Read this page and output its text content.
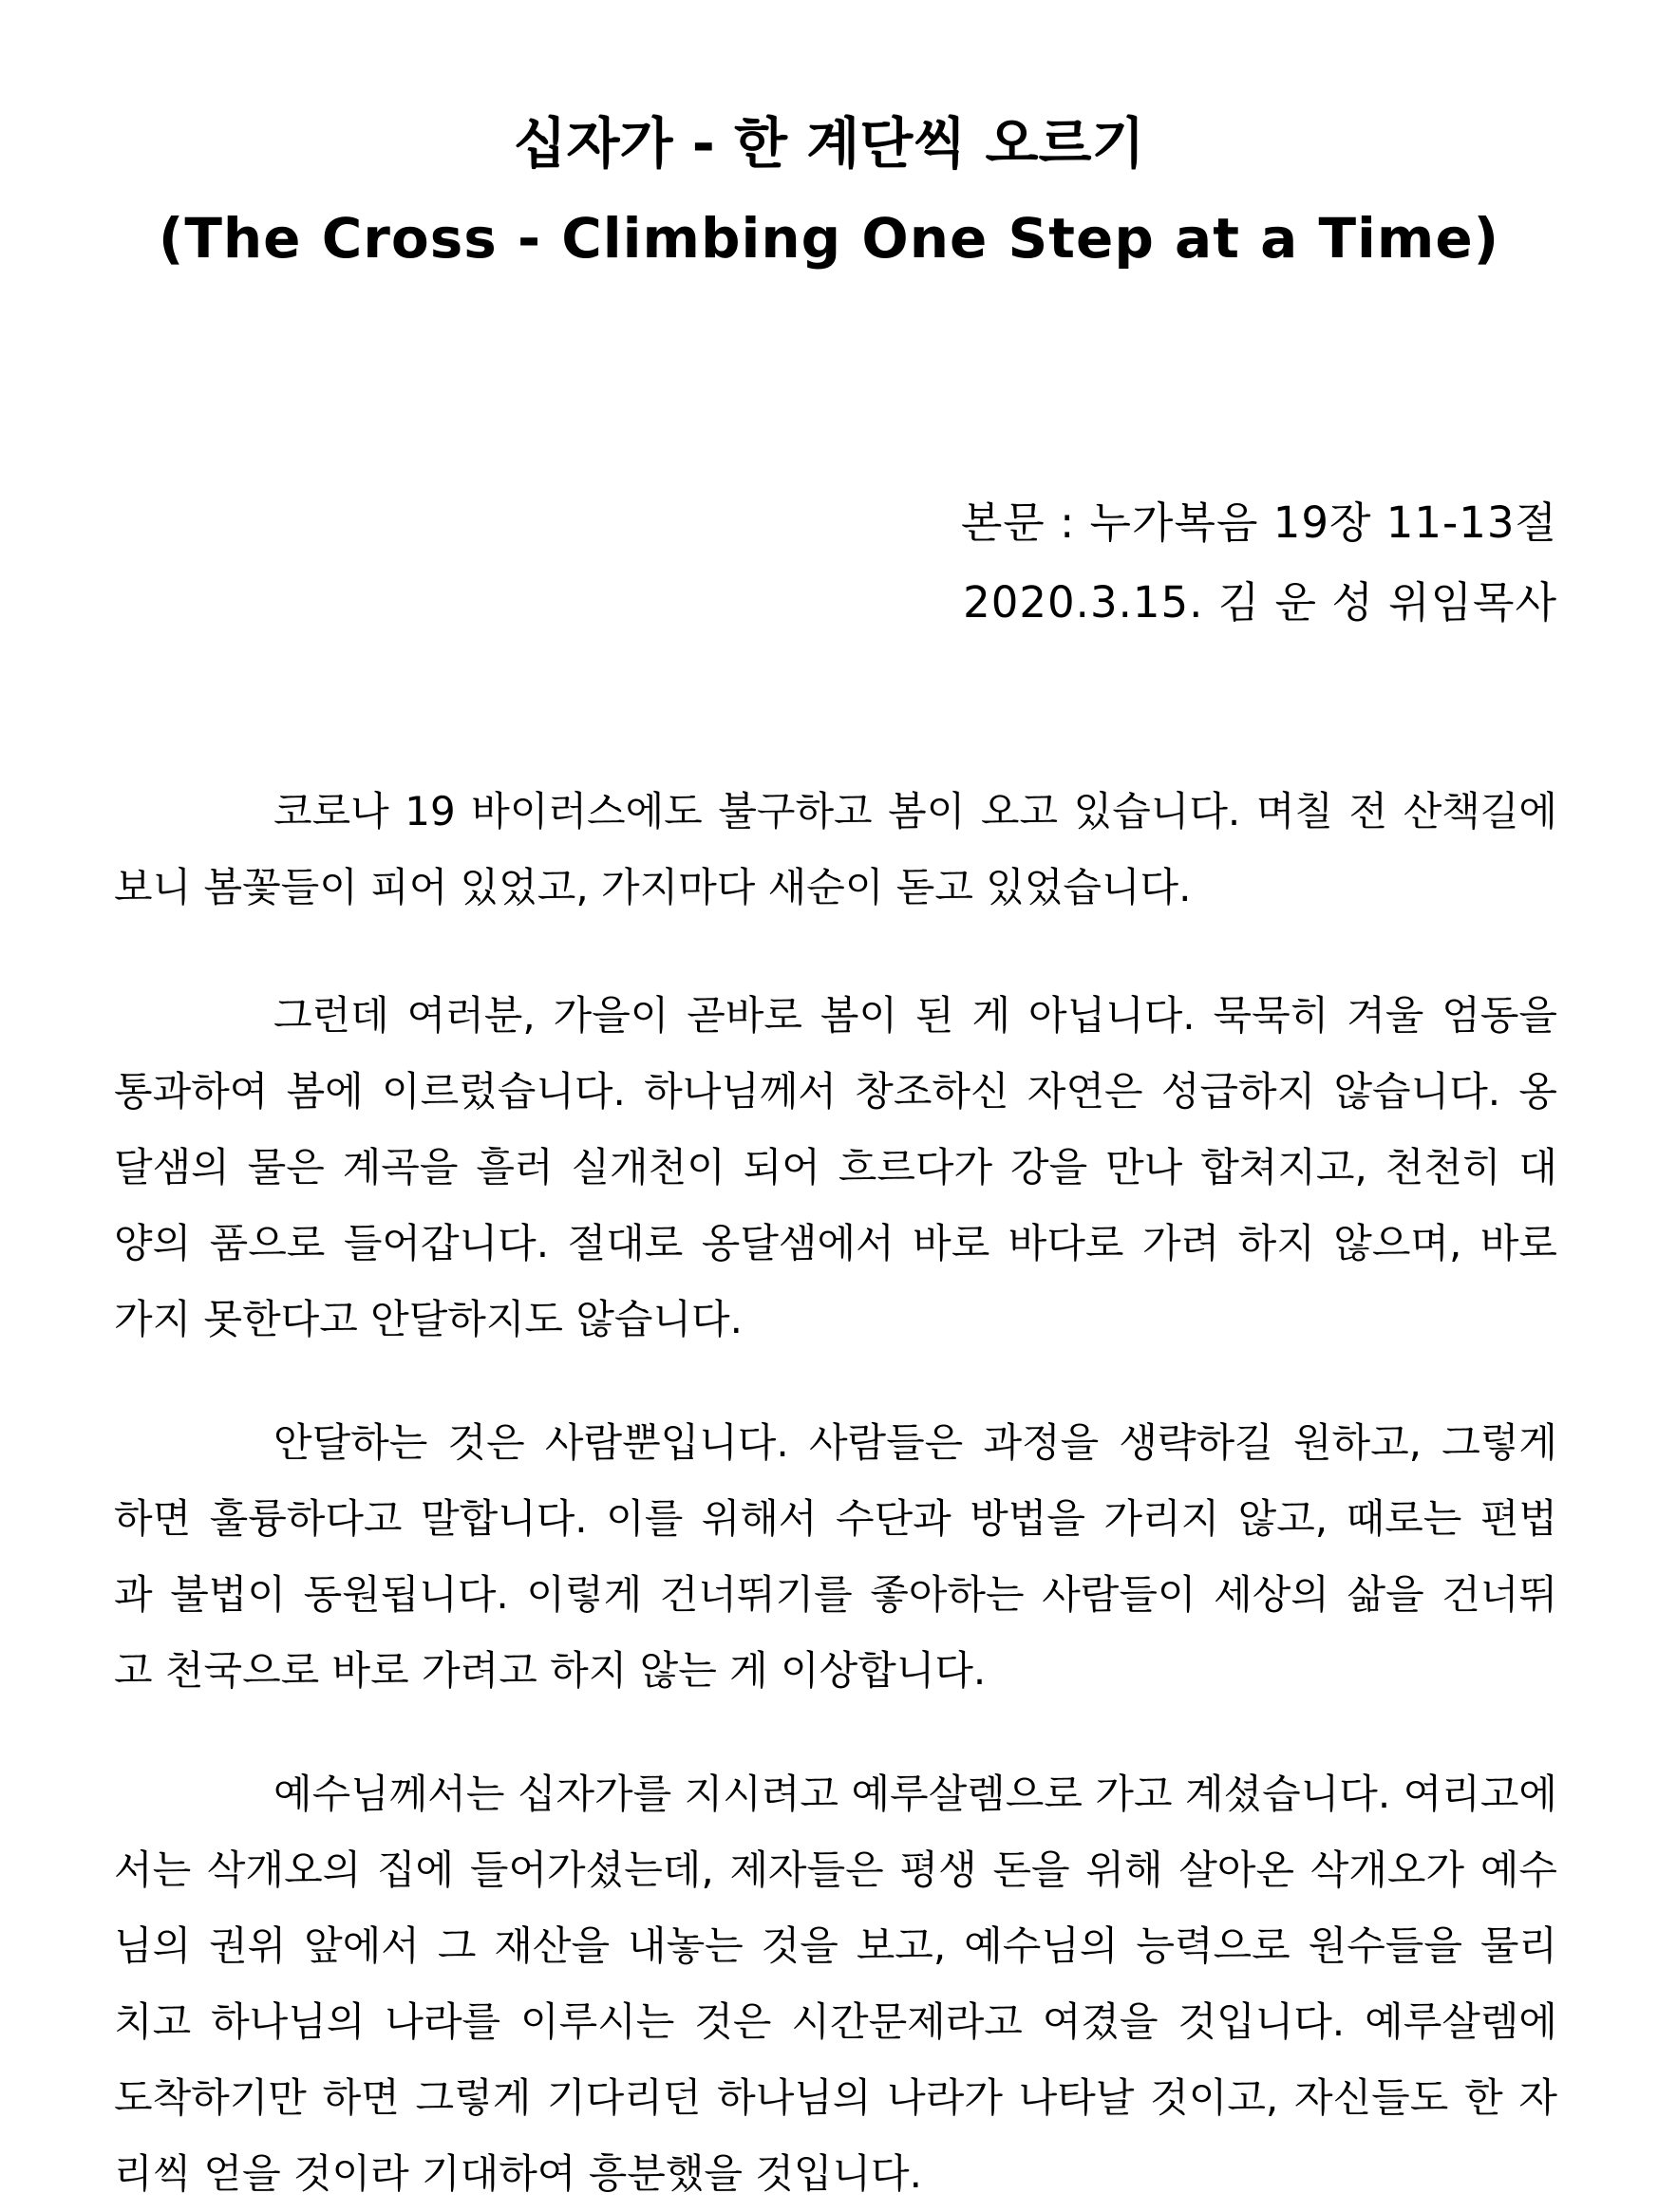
십자가 - 한 계단씩 오르기
(The Cross - Climbing One Step at a Time)
본문 : 누가복음 19장 11-13절
2020.3.15. 김 운 성 위임목사
코로나 19 바이러스에도 불구하고 봄이 오고 있습니다. 며칠 전 산책길에
보니 봄꽃들이 피어 있었고, 가지마다 새순이 돋고 있었습니다.
그런데 여러분, 가을이 곧바로 봄이 된 게 아닙니다. 묵묵히 겨울 엄동을
통과하여 봄에 이르렀습니다. 하나님께서 창조하신 자연은 성급하지 않습니다. 옹
달샘의 물은 계곡을 흘러 실개천이 되어 흐르다가 강을 만나 합쳐지고, 천천히 대
양의 품으로 들어갑니다. 절대로 옹달샘에서 바로 바다로 가려 하지 않으며, 바로
가지 못한다고 안달하지도 않습니다.
안달하는 것은 사람뿐입니다. 사람들은 과정을 생략하길 원하고, 그렇게
하면 훌륭하다고 말합니다. 이를 위해서 수단과 방법을 가리지 않고, 때로는 편법
과 불법이 동원됩니다. 이렇게 건너뛰기를 좋아하는 사람들이 세상의 삶을 건너뛰
고 천국으로 바로 가려고 하지 않는 게 이상합니다.
예수님께서는 십자가를 지시려고 예루살렘으로 가고 계셨습니다. 여리고에
서는 삭개오의 집에 들어가셨는데, 제자들은 평생 돈을 위해 살아온 삭개오가 예수
님의 권위 앞에서 그 재산을 내놓는 것을 보고, 예수님의 능력으로 원수들을 물리
치고 하나님의 나라를 이루시는 것은 시간문제라고 여겼을 것입니다. 예루살렘에
도착하기만 하면 그렇게 기다리던 하나님의 나라가 나타날 것이고, 자신들도 한 자
리씩 얻을 것이라 기대하여 흥분했을 것입니다.
